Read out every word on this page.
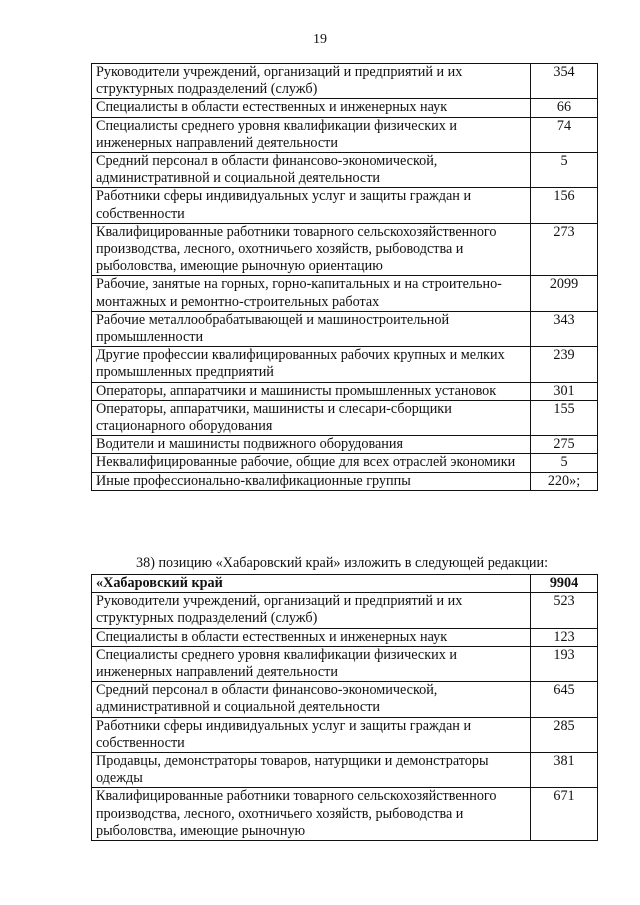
19
Руководители учреждений, организаций и предприятий и их структурных подразделений (служб)	354
Специалисты в области естественных и инженерных наук	66
Специалисты среднего уровня квалификации физических и инженерных направлений деятельности	74
Средний персонал в области финансово-экономической, административной и социальной деятельности	5
Работники сферы индивидуальных услуг и защиты граждан и собственности	156
Квалифицированные работники товарного сельскохозяйственного производства, лесного, охотничьего хозяйств, рыбоводства и рыболовства, имеющие рыночную ориентацию	273
Рабочие, занятые на горных, горно-капитальных и на строительно-монтажных и ремонтно-строительных работах	2099
Рабочие металлообрабатывающей и машиностроительной промышленности	343
Другие профессии квалифицированных рабочих крупных и мелких промышленных предприятий	239
Операторы, аппаратчики и машинисты промышленных установок	301
Операторы, аппаратчики, машинисты и слесари-сборщики стационарного оборудования	155
Водители и машинисты подвижного оборудования	275
Неквалифицированные рабочие, общие для всех отраслей экономики	5
Иные профессионально-квалификационные группы	220»;
38) позицию «Хабаровский край» изложить в следующей редакции:
«Хабаровский край	9904
Руководители учреждений, организаций и предприятий и их структурных подразделений (служб)	523
Специалисты в области естественных и инженерных наук	123
Специалисты среднего уровня квалификации физических и инженерных направлений деятельности	193
Средний персонал в области финансово-экономической, административной и социальной деятельности	645
Работники сферы индивидуальных услуг и защиты граждан и собственности	285
Продавцы, демонстраторы товаров, натурщики и демонстраторы одежды	381
Квалифицированные работники товарного сельскохозяйственного производства, лесного, охотничьего хозяйств, рыбоводства и рыболовства, имеющие рыночную	671
